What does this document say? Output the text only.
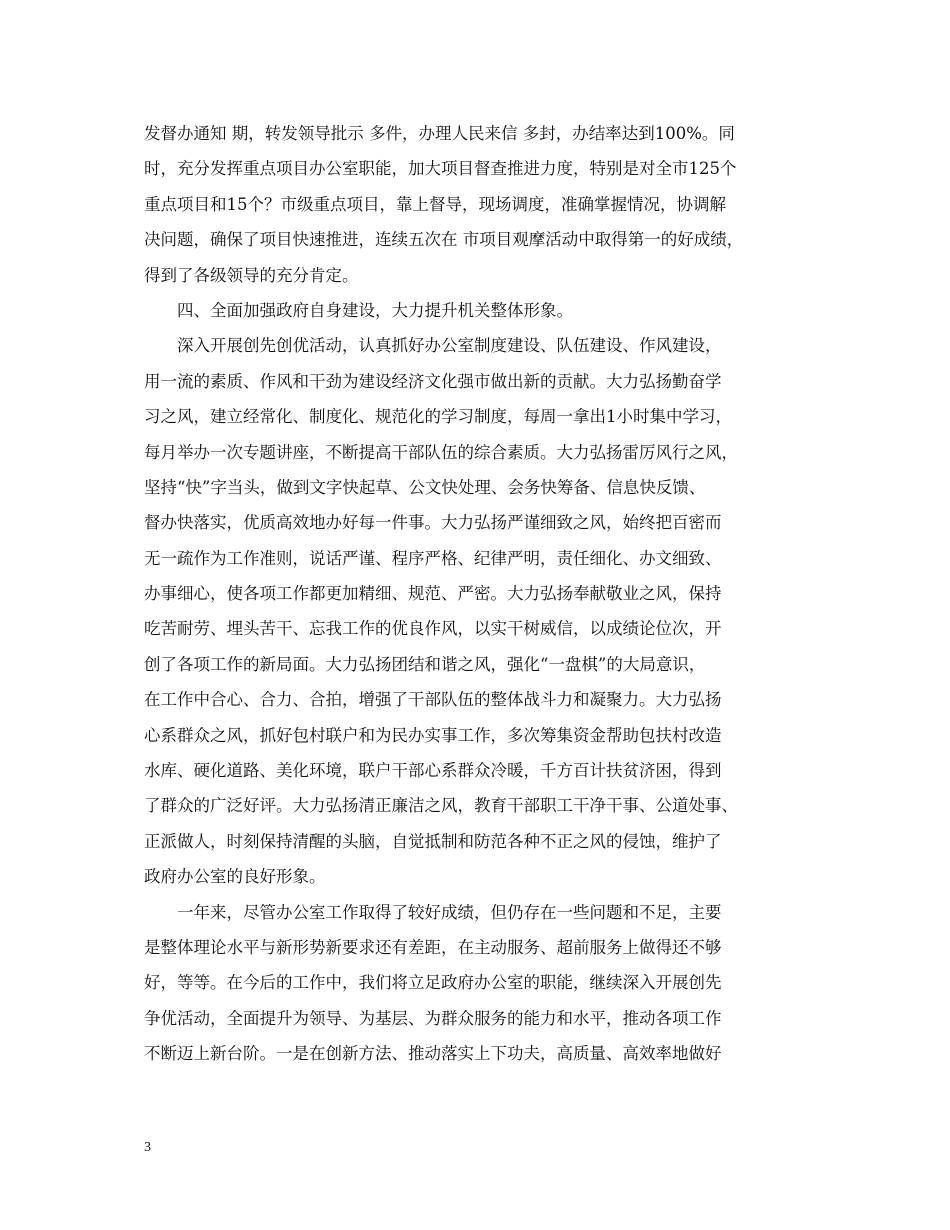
发督办通知 期，转发领导批示 多件，办理人民来信 多封，办结率达到100%。同
时，充分发挥重点项目办公室职能，加大项目督查推进力度，特别是对全市125个
重点项目和15个？市级重点项目，靠上督导，现场调度，准确掌握情况，协调解
决问题，确保了项目快速推进，连续五次在 市项目观摩活动中取得第一的好成绩，
得到了各级领导的充分肯定。
四、全面加强政府自身建设，大力提升机关整体形象。
深入开展创先创优活动，认真抓好办公室制度建设、队伍建设、作风建设，
用一流的素质、作风和干劲为建设经济文化强市做出新的贡献。大力弘扬勤奋学
习之风，建立经常化、制度化、规范化的学习制度，每周一拿出1小时集中学习，
每月举办一次专题讲座，不断提高干部队伍的综合素质。大力弘扬雷厉风行之风，
坚持“快”字当头，做到文字快起草、公文快处理、会务快筹备、信息快反馈、
督办快落实，优质高效地办好每一件事。大力弘扬严谨细致之风，始终把百密而
无一疏作为工作准则，说话严谨、程序严格、纪律严明，责任细化、办文细致、
办事细心，使各项工作都更加精细、规范、严密。大力弘扬奉献敬业之风，保持
吃苦耐劳、埋头苦干、忘我工作的优良作风，以实干树威信，以成绩论位次，开
创了各项工作的新局面。大力弘扬团结和谐之风，强化“一盘棋”的大局意识，
在工作中合心、合力、合拍，增强了干部队伍的整体战斗力和凝聚力。大力弘扬
心系群众之风，抓好包村联户和为民办实事工作，多次筹集资金帮助包扶村改造
水库、硬化道路、美化环境，联户干部心系群众冷暖，千方百计扶贫济困，得到
了群众的广泛好评。大力弘扬清正廉洁之风，教育干部职工干净干事、公道处事、
正派做人，时刻保持清醒的头脑，自觉抵制和防范各种不正之风的侵蚀，维护了
政府办公室的良好形象。
一年来，尽管办公室工作取得了较好成绩，但仍存在一些问题和不足，主要
是整体理论水平与新形势新要求还有差距，在主动服务、超前服务上做得还不够
好，等等。在今后的工作中，我们将立足政府办公室的职能，继续深入开展创先
争优活动，全面提升为领导、为基层、为群众服务的能力和水平，推动各项工作
不断迈上新台阶。一是在创新方法、推动落实上下功夫，高质量、高效率地做好
3
